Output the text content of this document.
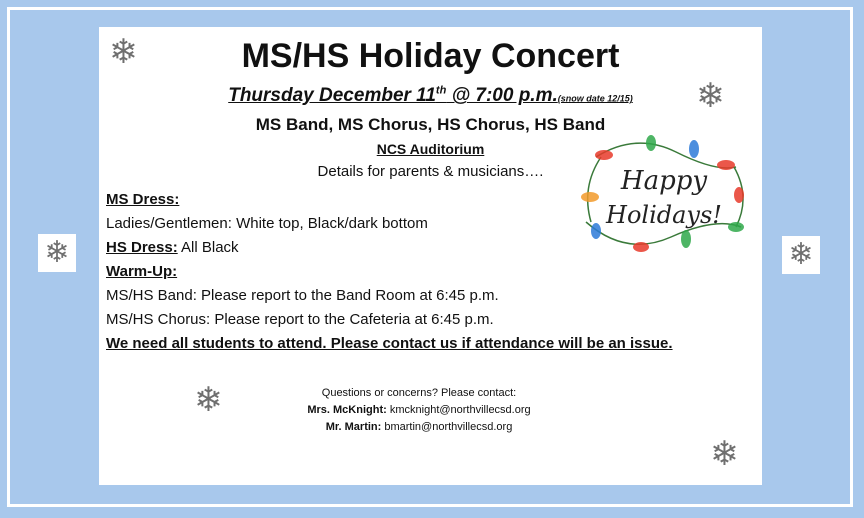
❄	❄
❄
❄
❄
❄
MS/HS Holiday Concert
Thursday December 11th @ 7:00 p.m.(snow date 12/15)
MS Band, MS Chorus, HS Chorus, HS Band
NCS Auditorium
Details for parents & musicians….	Happy
Holidays!
MS Dress:
Ladies/Gentlemen: White top, Black/dark bottom
HS Dress: All Black
Warm-Up:
MS/HS Band: Please report to the Band Room at 6:45 p.m.
MS/HS Chorus: Please report to the Cafeteria at 6:45 p.m.
We need all students to attend. Please contact us if attendance will be an issue.
Questions or concerns? Please contact:
Mrs. McKnight: kmcknight@northvillecsd.org
Mr. Martin: bmartin@northvillecsd.org
